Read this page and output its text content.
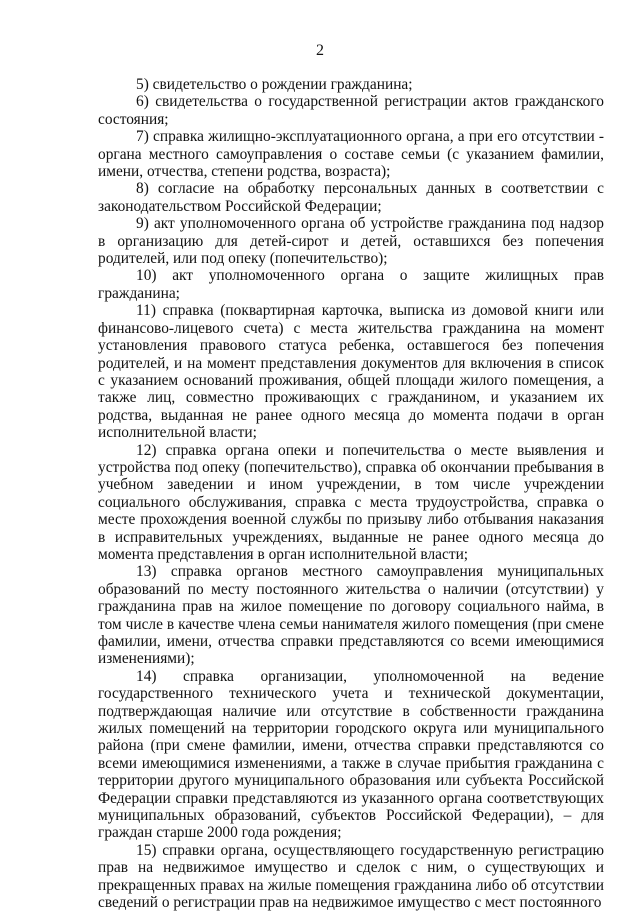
2

5) свидетельство о рождении гражданина;

6) свидетельства о государственной регистрации актов гражданского состояния;

7) справка жилищно-эксплуатационного органа, а при его отсутствии - органа местного самоуправления о составе семьи (с указанием фамилии, имени, отчества, степени родства, возраста);

8) согласие на обработку персональных данных в соответствии с законодательством Российской Федерации;

9) акт уполномоченного органа об устройстве гражданина под надзор в организацию для детей-сирот и детей, оставшихся без попечения родителей, или под опеку (попечительство);

10) акт уполномоченного органа о защите жилищных прав гражданина;

11) справка (поквартирная карточка, выписка из домовой книги или финансово-лицевого счета) с места жительства гражданина на момент установления правового статуса ребенка, оставшегося без попечения родителей, и на момент представления документов для включения в список с указанием оснований проживания, общей площади жилого помещения, а также лиц, совместно проживающих с гражданином, и указанием их родства, выданная не ранее одного месяца до момента подачи в орган исполнительной власти;

12) справка органа опеки и попечительства о месте выявления и устройства под опеку (попечительство), справка об окончании пребывания в учебном заведении и ином учреждении, в том числе учреждении социального обслуживания, справка с места трудоустройства, справка о месте прохождения военной службы по призыву либо отбывания наказания в исправительных учреждениях, выданные не ранее одного месяца до момента представления в орган исполнительной власти;

13) справка органов местного самоуправления муниципальных образований по месту постоянного жительства о наличии (отсутствии) у гражданина прав на жилое помещение по договору социального найма, в том числе в качестве члена семьи нанимателя жилого помещения (при смене фамилии, имени, отчества справки представляются со всеми имеющимися изменениями);

14) справка организации, уполномоченной на ведение государственного технического учета и технической документации, подтверждающая наличие или отсутствие в собственности гражданина жилых помещений на территории городского округа или муниципального района (при смене фамилии, имени, отчества справки представляются со всеми имеющимися изменениями, а также в случае прибытия гражданина с территории другого муниципального образования или субъекта Российской Федерации справки представляются из указанного органа соответствующих муниципальных образований, субъектов Российской Федерации), – для граждан старше 2000 года рождения;

15) справки органа, осуществляющего государственную регистрацию прав на недвижимое имущество и сделок с ним, о существующих и прекращенных правах на жилые помещения гражданина либо об отсутствии сведений о регистрации прав на недвижимое имущество с мест постоянного
